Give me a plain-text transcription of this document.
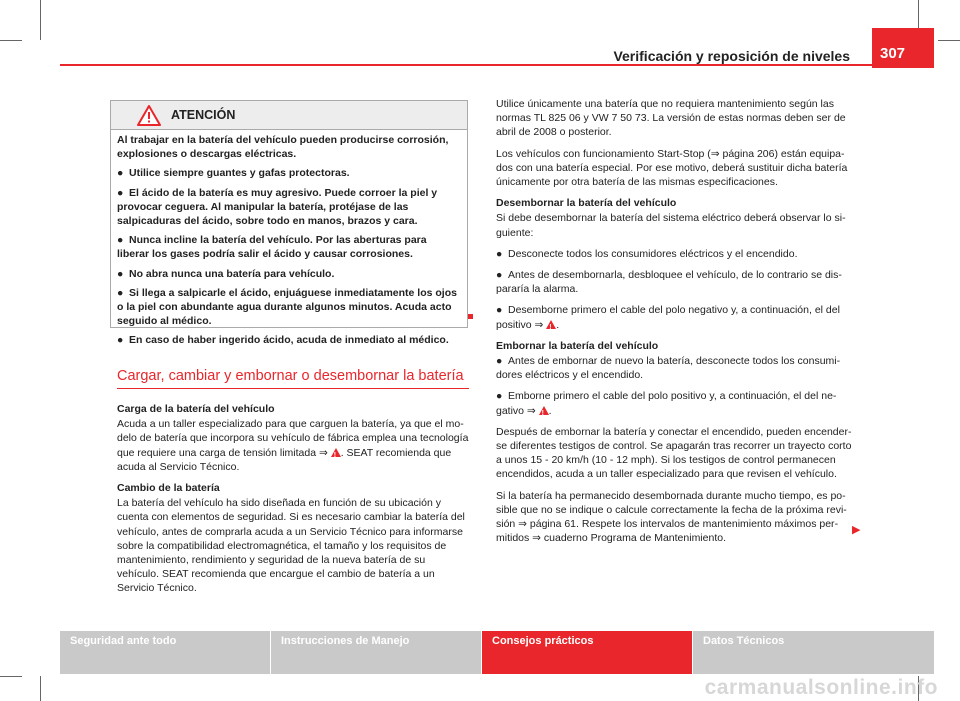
Verificación y reposición de niveles	307
ATENCIÓN

Al trabajar en la batería del vehículo pueden producirse corrosión, explosiones o descargas eléctricas.

● Utilice siempre guantes y gafas protectoras.

● El ácido de la batería es muy agresivo. Puede corroer la piel y provocar ceguera. Al manipular la batería, protéjase de las salpicaduras del ácido, sobre todo en manos, brazos y cara.

● Nunca incline la batería del vehículo. Por las aberturas para liberar los gases podría salir el ácido y causar corrosiones.

● No abra nunca una batería para vehículo.

● Si llega a salpicarle el ácido, enjuáguese inmediatamente los ojos o la piel con abundante agua durante algunos minutos. Acuda acto seguido al médico.

● En caso de haber ingerido ácido, acuda de inmediato al médico.

Cargar, cambiar y embornar o desembornar la batería

Carga de la batería del vehículo

Acuda a un taller especializado para que carguen la batería, ya que el modelo de batería que incorpora su vehículo de fábrica emplea una tecnología que requiere una carga de tensión limitada ⇒ ! . SEAT recomienda que acuda al Servicio Técnico.

Cambio de la batería

La batería del vehículo ha sido diseñada en función de su ubicación y cuenta con elementos de seguridad. Si es necesario cambiar la batería del vehículo, antes de comprarla acuda a un Servicio Técnico para informarse sobre la compatibilidad electromagnética, el tamaño y los requisitos de mantenimiento, rendimiento y seguridad de la nueva batería de su vehículo. SEAT recomienda que encargue el cambio de batería a un Servicio Técnico.

Utilice únicamente una batería que no requiera mantenimiento según las normas TL 825 06 y VW 7 50 73. La versión de estas normas deben ser de abril de 2008 o posterior.

Los vehículos con funcionamiento Start-Stop (⇒ página 206) están equipados con una batería especial. Por ese motivo, deberá sustituir dicha batería únicamente por otra batería de las mismas especificaciones.

Desembornar la batería del vehículo

Si debe desembornar la batería del sistema eléctrico deberá observar lo siguiente:

● Desconecte todos los consumidores eléctricos y el encendido.

● Antes de desembornarla, desbloquee el vehículo, de lo contrario se dispararía la alarma.

● Desemborne primero el cable del polo negativo y, a continuación, el del positivo ⇒ ! .

Embornar la batería del vehículo

● Antes de embornar de nuevo la batería, desconecte todos los consumidores eléctricos y el encendido.

● Emborne primero el cable del polo positivo y, a continuación, el del negativo ⇒ ! .

Después de embornar la batería y conectar el encendido, pueden encenderse diferentes testigos de control. Se apagarán tras recorrer un trayecto corto a unos 15 - 20 km/h (10 - 12 mph). Si los testigos de control permanecen encendidos, acuda a un taller especializado para que revisen el vehículo.

Si la batería ha permanecido desembornada durante mucho tiempo, es posible que no se indique o calcule correctamente la fecha de la próxima revisión ⇒ página 61. Respete los intervalos de mantenimiento máximos permitidos ⇒ cuaderno Programa de Mantenimiento.

▶
Seguridad ante todo	Instrucciones de Manejo	Consejos prácticos	Datos Técnicos
carmanualsonline.info
